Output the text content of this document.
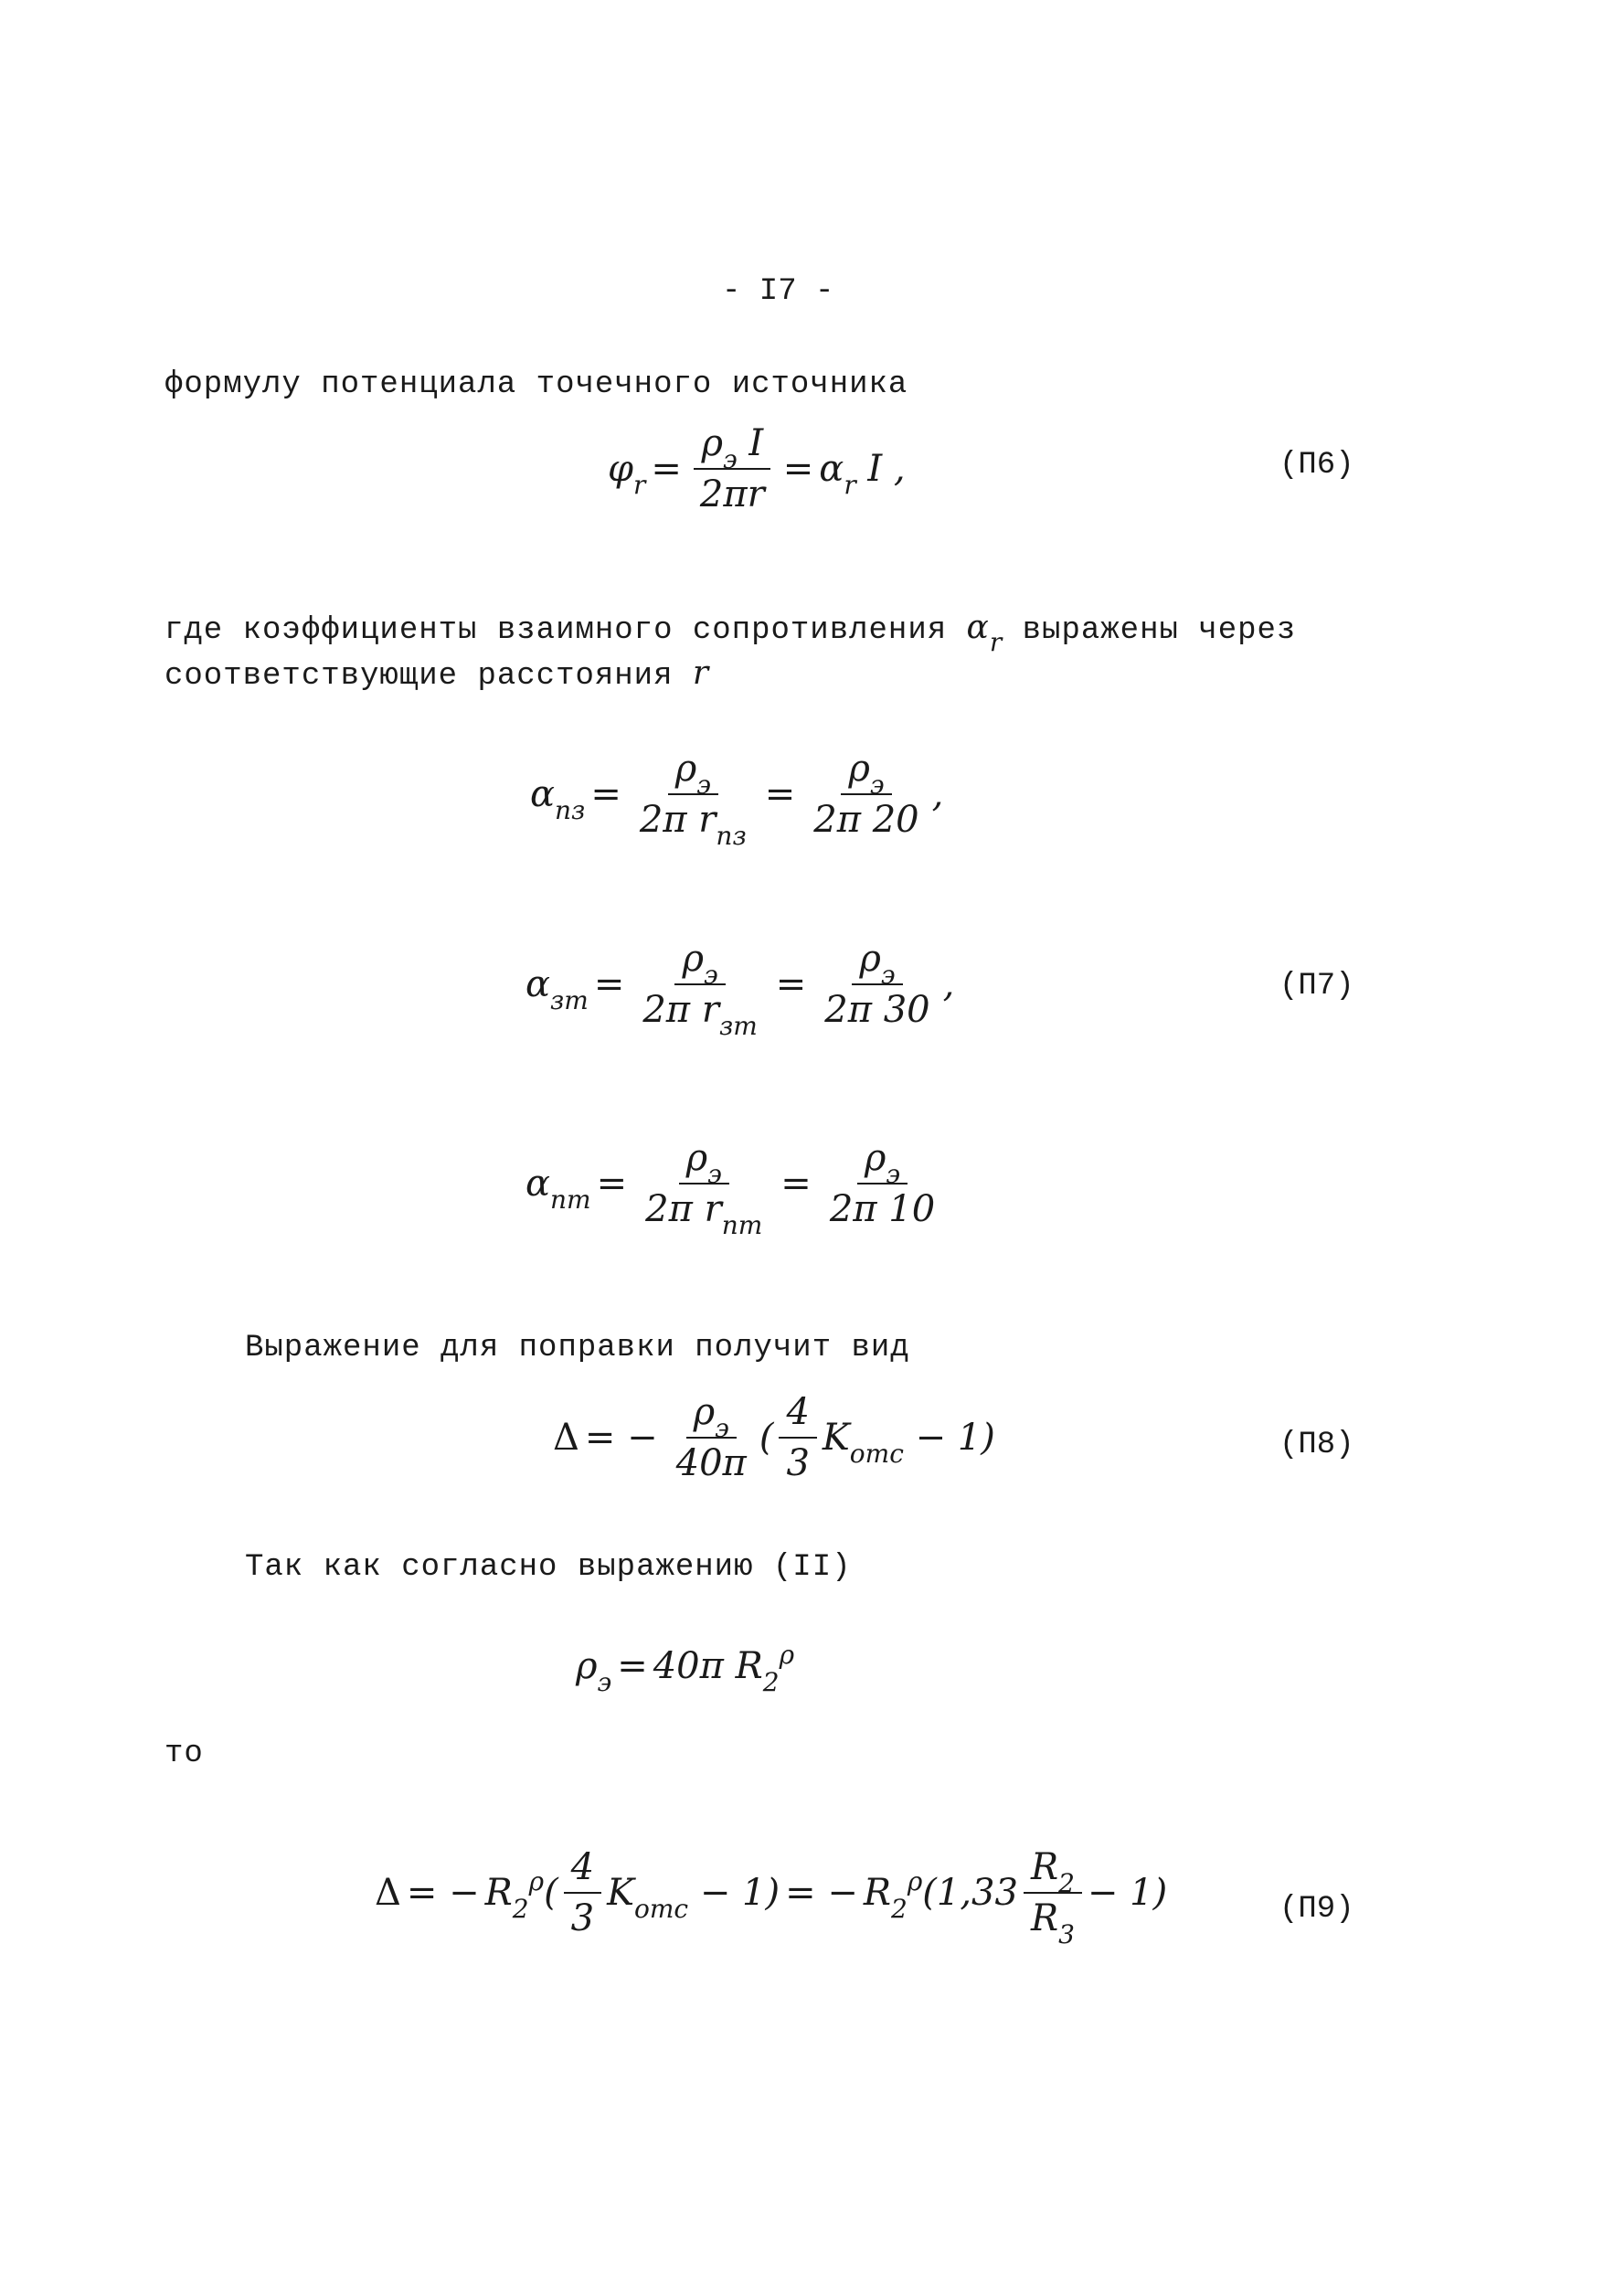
- I7 -
формулу потенциала точечного источника
$\varphi_r = \frac{\rho_э I}{2\pi r} = \alpha_r$ I ,	(П6)
где коэффициенты взаимного сопротивления $\alpha_r$ выражены через
соответствующие расстояния r
$\alpha_{пз} = \frac{\rho_э}{2\pi r_{пз}} = \frac{\rho_э}{2\pi 20}$ ,
$\alpha_{зт} = \frac{\rho_э}{2\pi r_{зт}} = \frac{\rho_э}{2\pi 30}$ ,	(П7)
$\alpha_{пт} = \frac{\rho_э}{2\pi r_{пт}} = \frac{\rho_э}{2\pi 10}$
Выражение для поправки получит вид
Δ = − $\frac{\rho_э}{40\pi}$ ( $\frac{4}{3} K_{отс} - 1$)	(П8)
Так как согласно выражению (II)
$\rho_э = 40\pi$ $R_2^\rho$
то
Δ = − $R_2^\rho$ ( $\frac{4}{3} K_{отс} - 1$) = − $R_2^\rho$ $(1,33 \frac{R_2}{R_3} - 1)$	(П9)
